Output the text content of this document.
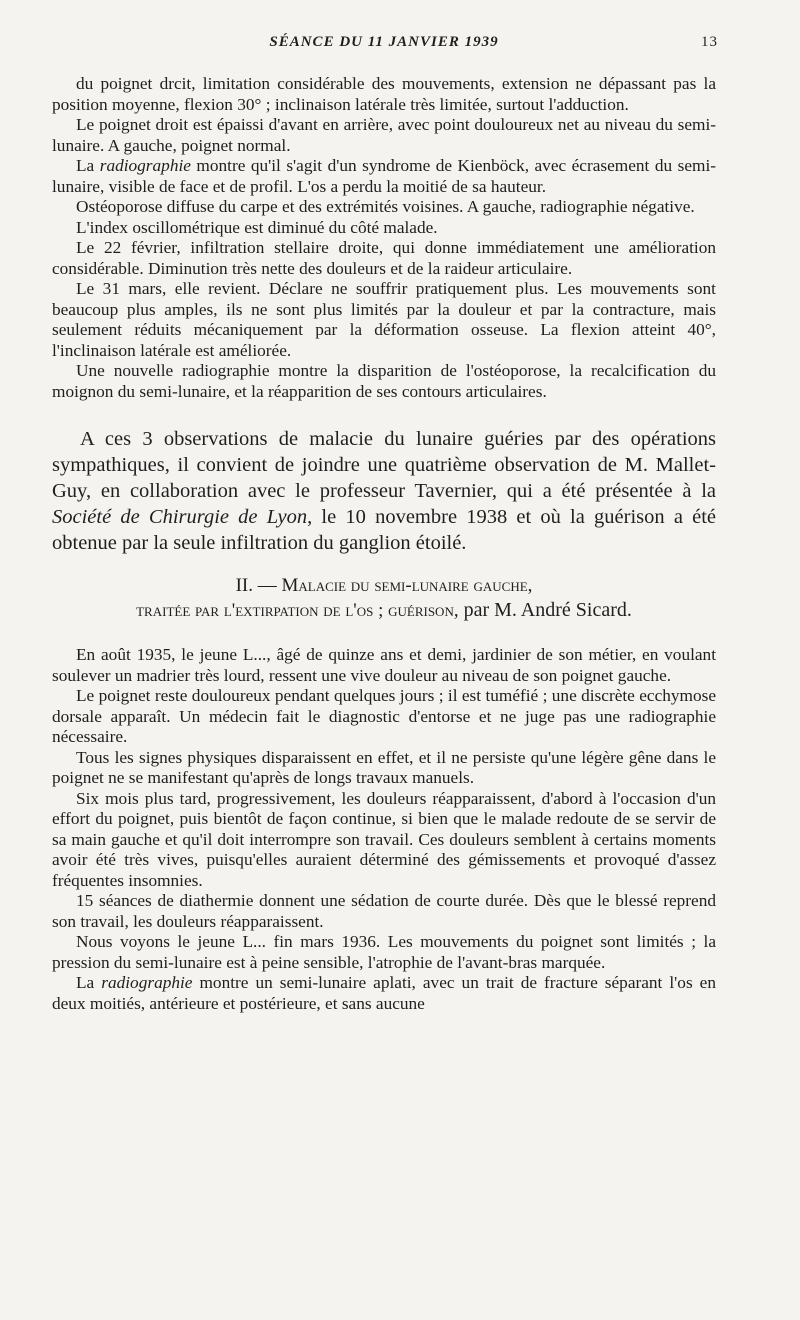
SÉANCE DU 11 JANVIER 1939	13

du poignet drcit, limitation considérable des mouvements, extension ne dépassant pas la position moyenne, flexion 30° ; inclinaison latérale très limitée, surtout l'adduction.

Le poignet droit est épaissi d'avant en arrière, avec point douloureux net au niveau du semi-lunaire. A gauche, poignet normal.

La radiographie montre qu'il s'agit d'un syndrome de Kienböck, avec écrasement du semi-lunaire, visible de face et de profil. L'os a perdu la moitié de sa hauteur.

Ostéoporose diffuse du carpe et des extrémités voisines. A gauche, radiographie négative.

L'index oscillométrique est diminué du côté malade.

Le 22 février, infiltration stellaire droite, qui donne immédiatement une amélioration considérable. Diminution très nette des douleurs et de la raideur articulaire.

Le 31 mars, elle revient. Déclare ne souffrir pratiquement plus. Les mouvements sont beaucoup plus amples, ils ne sont plus limités par la douleur et par la contracture, mais seulement réduits mécaniquement par la déformation osseuse. La flexion atteint 40°, l'inclinaison latérale est améliorée.

Une nouvelle radiographie montre la disparition de l'ostéoporose, la recalcification du moignon du semi-lunaire, et la réapparition de ses contours articulaires.

A ces 3 observations de malacie du lunaire guéries par des opérations sympathiques, il convient de joindre une quatrième observation de M. Mallet-Guy, en collaboration avec le professeur Tavernier, qui a été présentée à la Société de Chirurgie de Lyon, le 10 novembre 1938 et où la guérison a été obtenue par la seule infiltration du ganglion étoilé.

II. — Malacie du semi-lunaire gauche,
traitée par l'extirpation de l'os ; guérison, par M. André Sicard.

En août 1935, le jeune L..., âgé de quinze ans et demi, jardinier de son métier, en voulant soulever un madrier très lourd, ressent une vive douleur au niveau de son poignet gauche.

Le poignet reste douloureux pendant quelques jours ; il est tuméfié ; une discrète ecchymose dorsale apparaît. Un médecin fait le diagnostic d'entorse et ne juge pas une radiographie nécessaire.

Tous les signes physiques disparaissent en effet, et il ne persiste qu'une légère gêne dans le poignet ne se manifestant qu'après de longs travaux manuels.

Six mois plus tard, progressivement, les douleurs réapparaissent, d'abord à l'occasion d'un effort du poignet, puis bientôt de façon continue, si bien que le malade redoute de se servir de sa main gauche et qu'il doit interrompre son travail. Ces douleurs semblent à certains moments avoir été très vives, puisqu'elles auraient déterminé des gémissements et provoqué d'assez fréquentes insomnies.

15 séances de diathermie donnent une sédation de courte durée. Dès que le blessé reprend son travail, les douleurs réapparaissent.

Nous voyons le jeune L... fin mars 1936. Les mouvements du poignet sont limités ; la pression du semi-lunaire est à peine sensible, l'atrophie de l'avant-bras marquée.

La radiographie montre un semi-lunaire aplati, avec un trait de fracture séparant l'os en deux moitiés, antérieure et postérieure, et sans aucune
